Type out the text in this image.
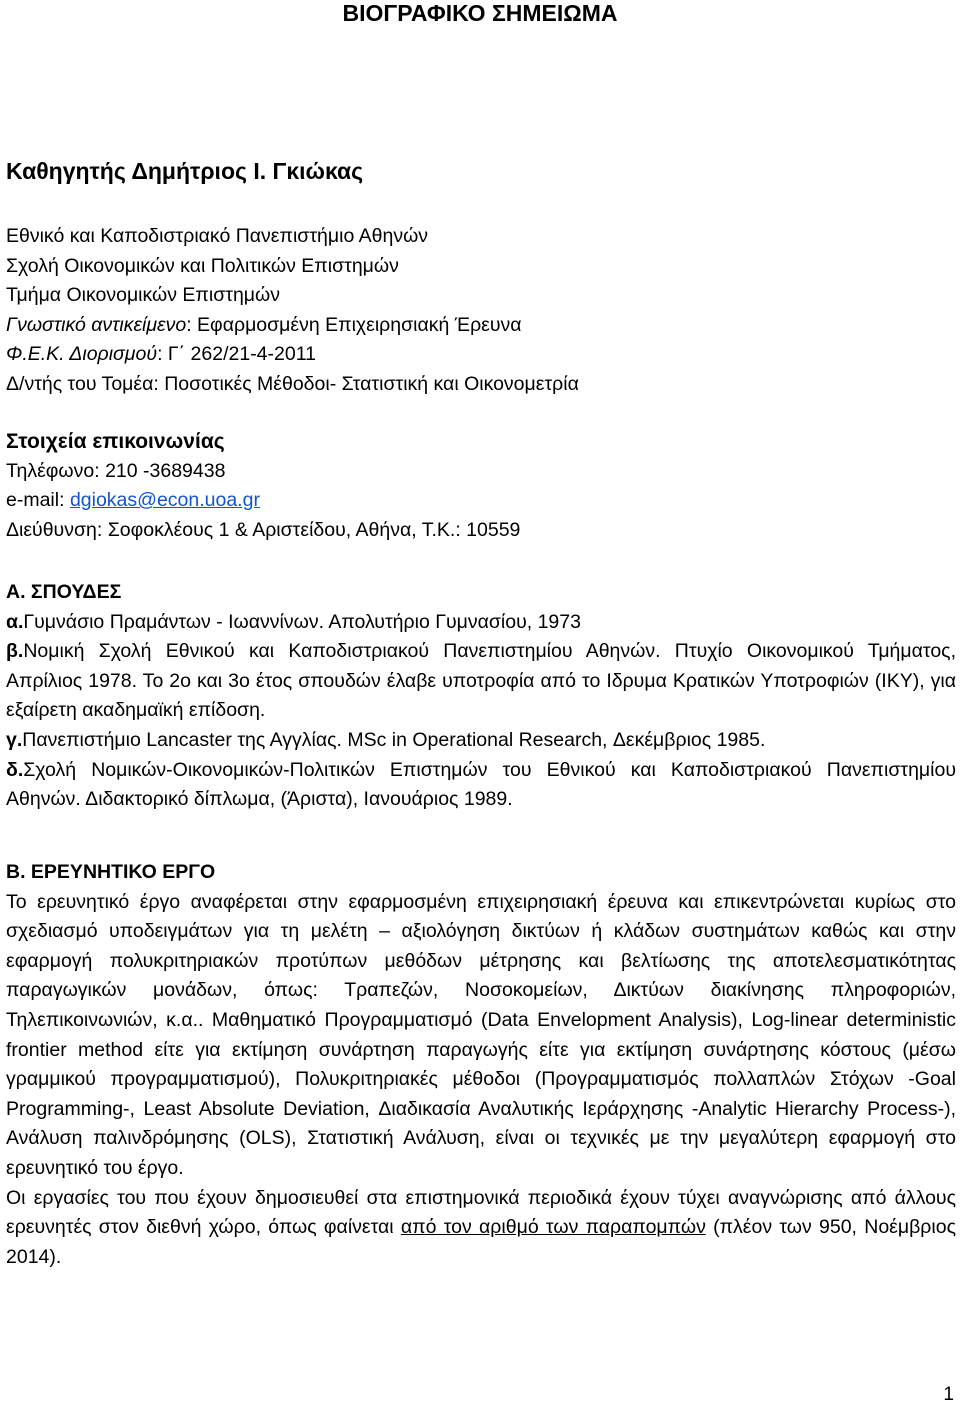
ΒΙΟΓΡΑΦΙΚΟ ΣΗΜΕΙΩΜΑ
Καθηγητής Δημήτριος Ι. Γκιώκας

Εθνικό και Καποδιστριακό Πανεπιστήμιο Αθηνών

Σχολή Οικονομικών και Πολιτικών Επιστημών

Τμήμα Οικονομικών Επιστημών

Γνωστικό αντικείμενο: Εφαρμοσμένη Επιχειρησιακή Έρευνα

Φ.Ε.Κ. Διορισμού: Γ΄ 262/21-4-2011

Δ/ντής του Τομέα: Ποσοτικές Μέθοδοι- Στατιστική και Οικονομετρία

Στοιχεία επικοινωνίας

Τηλέφωνο: 210 -3689438

e-mail: dgiokas@econ.uoa.gr

Διεύθυνση: Σοφοκλέους 1 & Αριστείδου, Αθήνα, Τ.Κ.: 10559

Α. ΣΠΟΥΔΕΣ

α.Γυμνάσιο Πραμάντων - Ιωαννίνων. Απολυτήριο Γυμνασίου, 1973

β.Νομική Σχολή Εθνικού και Καποδιστριακού Πανεπιστημίου Αθηνών. Πτυχίο Οικονομικού Τμήματος, Απρίλιος 1978. Το 2ο και 3ο έτος σπουδών έλαβε υποτροφία από το Ιδρυμα Κρατικών Υποτροφιών (ΙΚΥ), για εξαίρετη ακαδημαϊκή επίδοση.

γ.Πανεπιστήμιο Lancaster της Αγγλίας. MSc in Operational Research, Δεκέμβριος 1985.

δ.Σχολή Νομικών-Οικονομικών-Πολιτικών Επιστημών του Εθνικού και Καποδιστριακού Πανεπιστημίου Αθηνών. Διδακτορικό δίπλωμα, (Άριστα), Ιανουάριος 1989.

Β. ΕΡΕΥΝΗΤΙΚΟ ΕΡΓΟ

Το ερευνητικό έργο αναφέρεται στην εφαρμοσμένη επιχειρησιακή έρευνα και επικεντρώνεται κυρίως στο σχεδιασμό υποδειγμάτων για τη μελέτη – αξιολόγηση δικτύων ή κλάδων συστημάτων καθώς και στην εφαρμογή πολυκριτηριακών προτύπων μεθόδων μέτρησης και βελτίωσης της αποτελεσματικότητας παραγωγικών μονάδων, όπως: Τραπεζών, Νοσοκομείων, Δικτύων διακίνησης πληροφοριών, Τηλεπικοινωνιών, κ.α.. Μαθηματικό Προγραμματισμό (Data Envelopment Analysis), Log-linear deterministic frontier method είτε για εκτίμηση συνάρτηση παραγωγής είτε για εκτίμηση συνάρτησης κόστους (μέσω γραμμικού προγραμματισμού), Πολυκριτηριακές μέθοδοι (Προγραμματισμός πολλαπλών Στόχων -Goal Programming-, Least Absolute Deviation, Διαδικασία Αναλυτικής Ιεράρχησης -Analytic Hierarchy Process-), Ανάλυση παλινδρόμησης (OLS), Στατιστική Ανάλυση, είναι οι τεχνικές με την μεγαλύτερη εφαρμογή στο ερευνητικό του έργο.

Οι εργασίες του που έχουν δημοσιευθεί στα επιστημονικά περιοδικά έχουν τύχει αναγνώρισης από άλλους ερευνητές στον διεθνή χώρο, όπως φαίνεται από τον αριθμό των παραπομπών (πλέον των 950, Νοέμβριος 2014).

1
